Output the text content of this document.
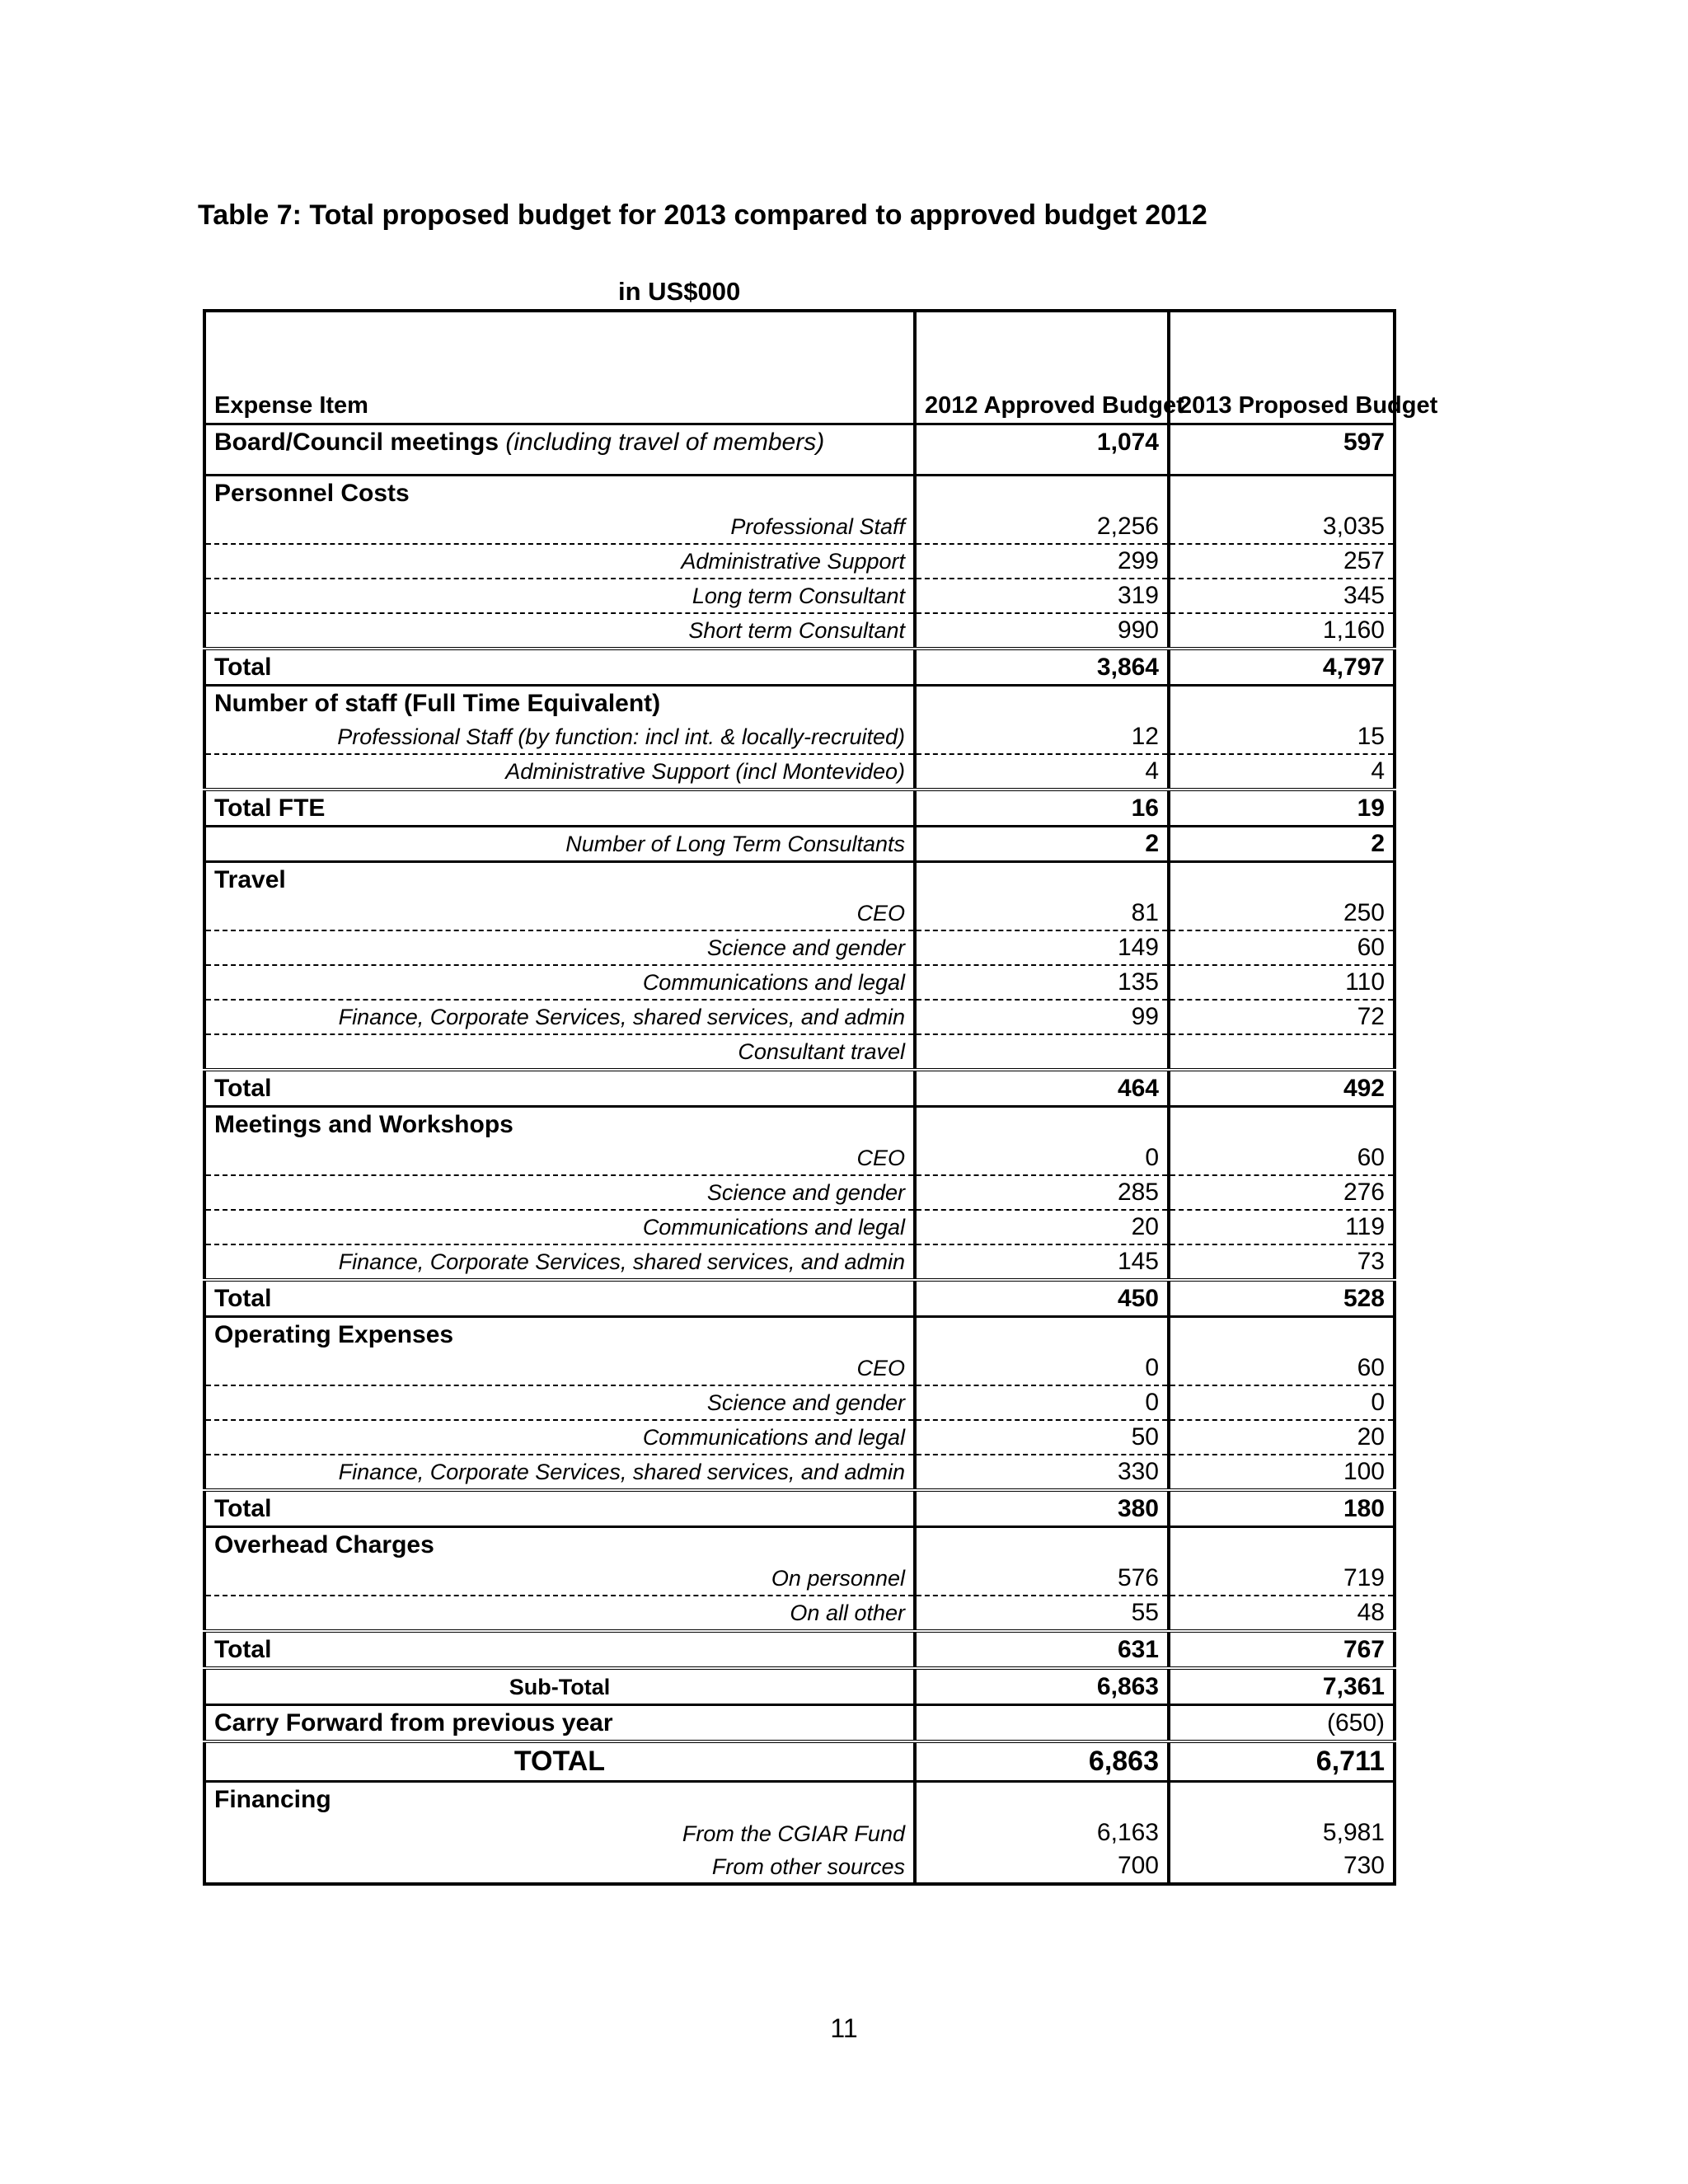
Table 7: Total proposed budget for 2013 compared to approved budget 2012
in US$000
Expense Item	2012 Approved Budget	2013 Proposed Budget
Board/Council meetings (including travel of members)	1,074	597

Personnel Costs		
Professional Staff	2,256	3,035
Administrative Support	299	257
Long term Consultant	319	345
Short term Consultant	990	1,160
Total	3,864	4,797
Number of staff (Full Time Equivalent)		
Professional Staff (by function: incl int. & locally-recruited)	12	15
Administrative Support (incl Montevideo)	4	4
Total FTE	16	19
Number of Long Term Consultants	2	2
Travel		
CEO	81	250
Science and gender	149	60
Communications and legal	135	110
Finance, Corporate Services, shared services, and admin	99	72
Consultant travel		
Total	464	492
Meetings and Workshops		
CEO	0	60
Science and gender	285	276
Communications and legal	20	119
Finance, Corporate Services, shared services, and admin	145	73
Total	450	528
Operating Expenses		
CEO	0	60
Science and gender	0	0
Communications and legal	50	20
Finance, Corporate Services, shared services, and admin	330	100
Total	380	180
Overhead Charges		
On personnel	576	719
On all other	55	48
Total	631	767
Sub-Total	6,863	7,361
Carry Forward from previous year		(650)
TOTAL	6,863	6,711
Financing		
From the CGIAR Fund	6,163	5,981
From other sources	700	730
11
